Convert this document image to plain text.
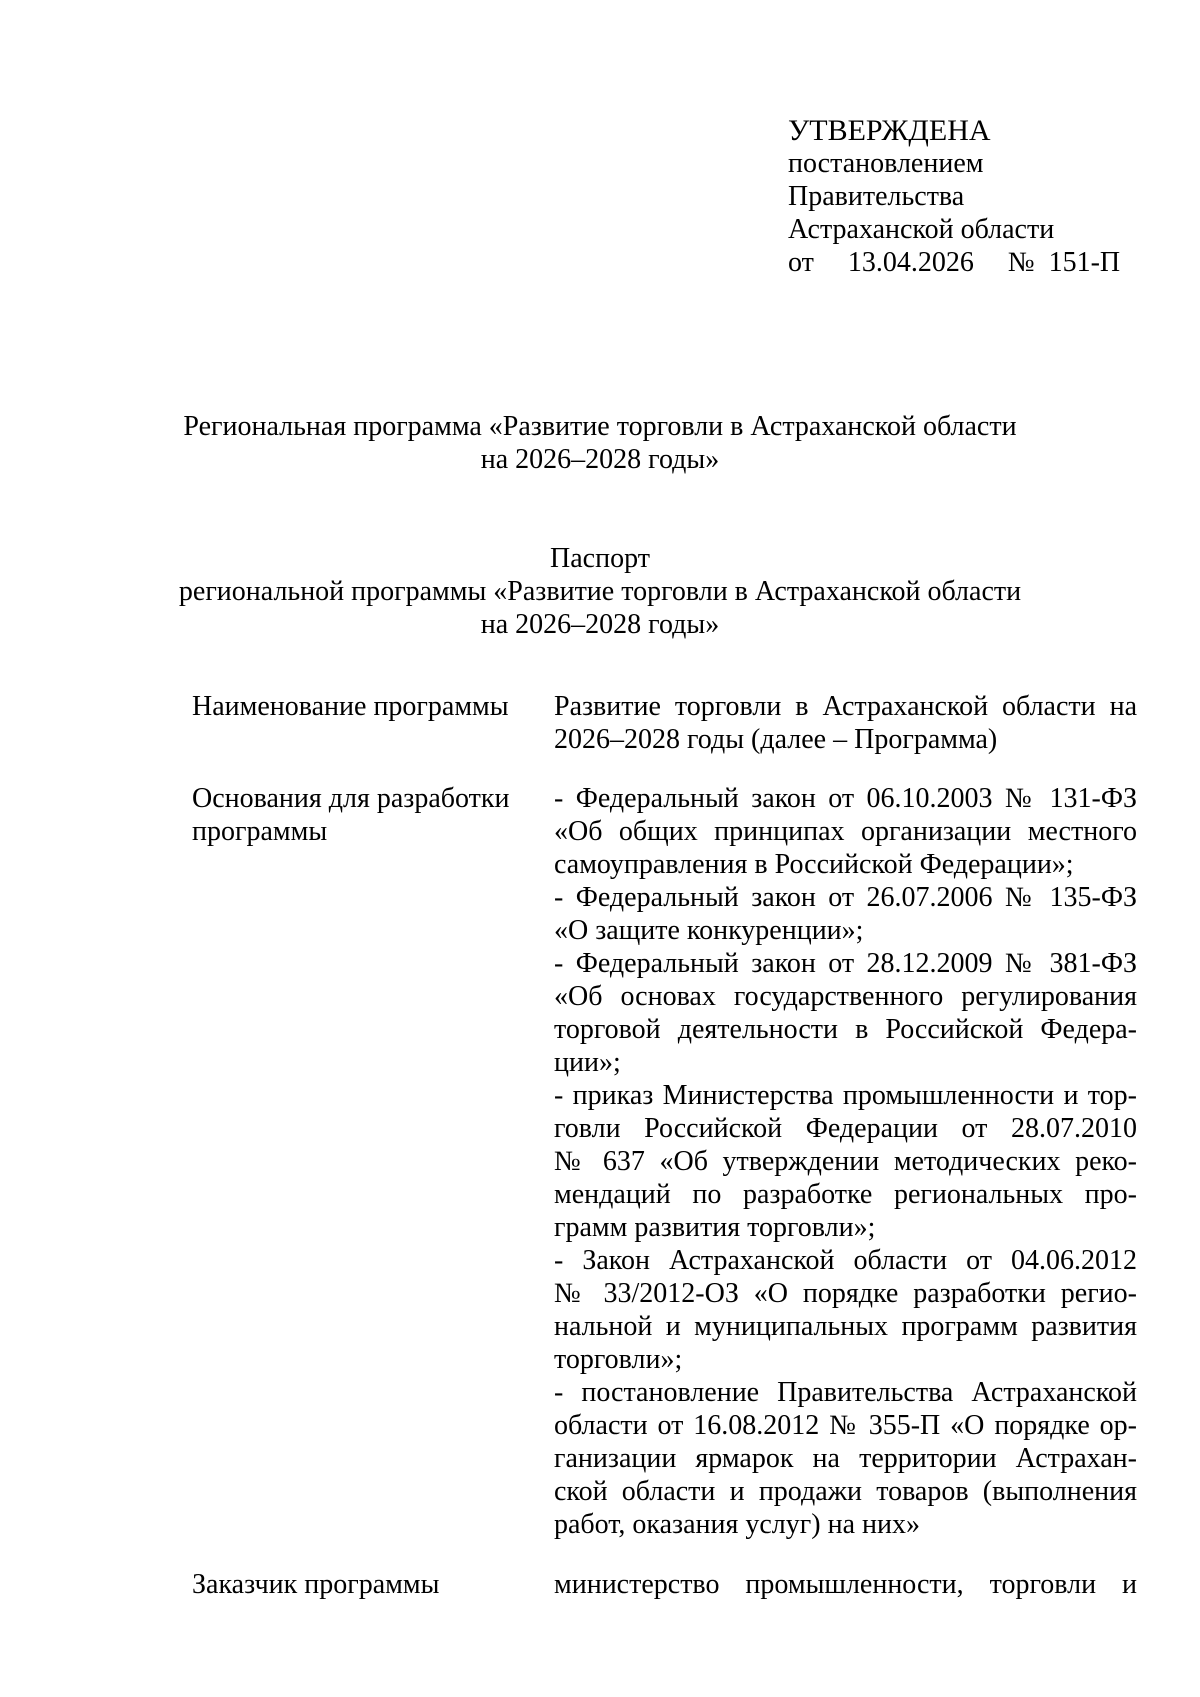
УТВЕРЖДЕНА
постановлением
Правительства
Астраханской области
от 13.04.2026 № 151-П
Региональная программа «Развитие торговли в Астраханской области
на 2026–2028 годы»
Паспорт
региональной программы «Развитие торговли в Астраханской области
на 2026–2028 годы»
Наименование программы	Развитие торговли в Астраханской области на
2026–2028 годы (далее – Программа)
Основания для разработки
программы
- Федеральный закон от 06.10.2003 № 131-ФЗ
«Об общих принципах организации местного
самоуправления в Российской Федерации»;
- Федеральный закон от 26.07.2006 № 135-ФЗ
«О защите конкуренции»;
- Федеральный закон от 28.12.2009 № 381-ФЗ
«Об основах государственного регулирования
торговой деятельности в Российской Федера-
ции»;
- приказ Министерства промышленности и тор-
говли Российской Федерации от 28.07.2010
№ 637 «Об утверждении методических реко-
мендаций по разработке региональных про-
грамм развития торговли»;
- Закон Астраханской области от 04.06.2012
№ 33/2012-ОЗ «О порядке разработки регио-
нальной и муниципальных программ развития
торговли»;
- постановление Правительства Астраханской
области от 16.08.2012 № 355-П «О порядке ор-
ганизации ярмарок на территории Астрахан-
ской области и продажи товаров (выполнения
работ, оказания услуг) на них»
Заказчик программы	министерство промышленности, торговли и
